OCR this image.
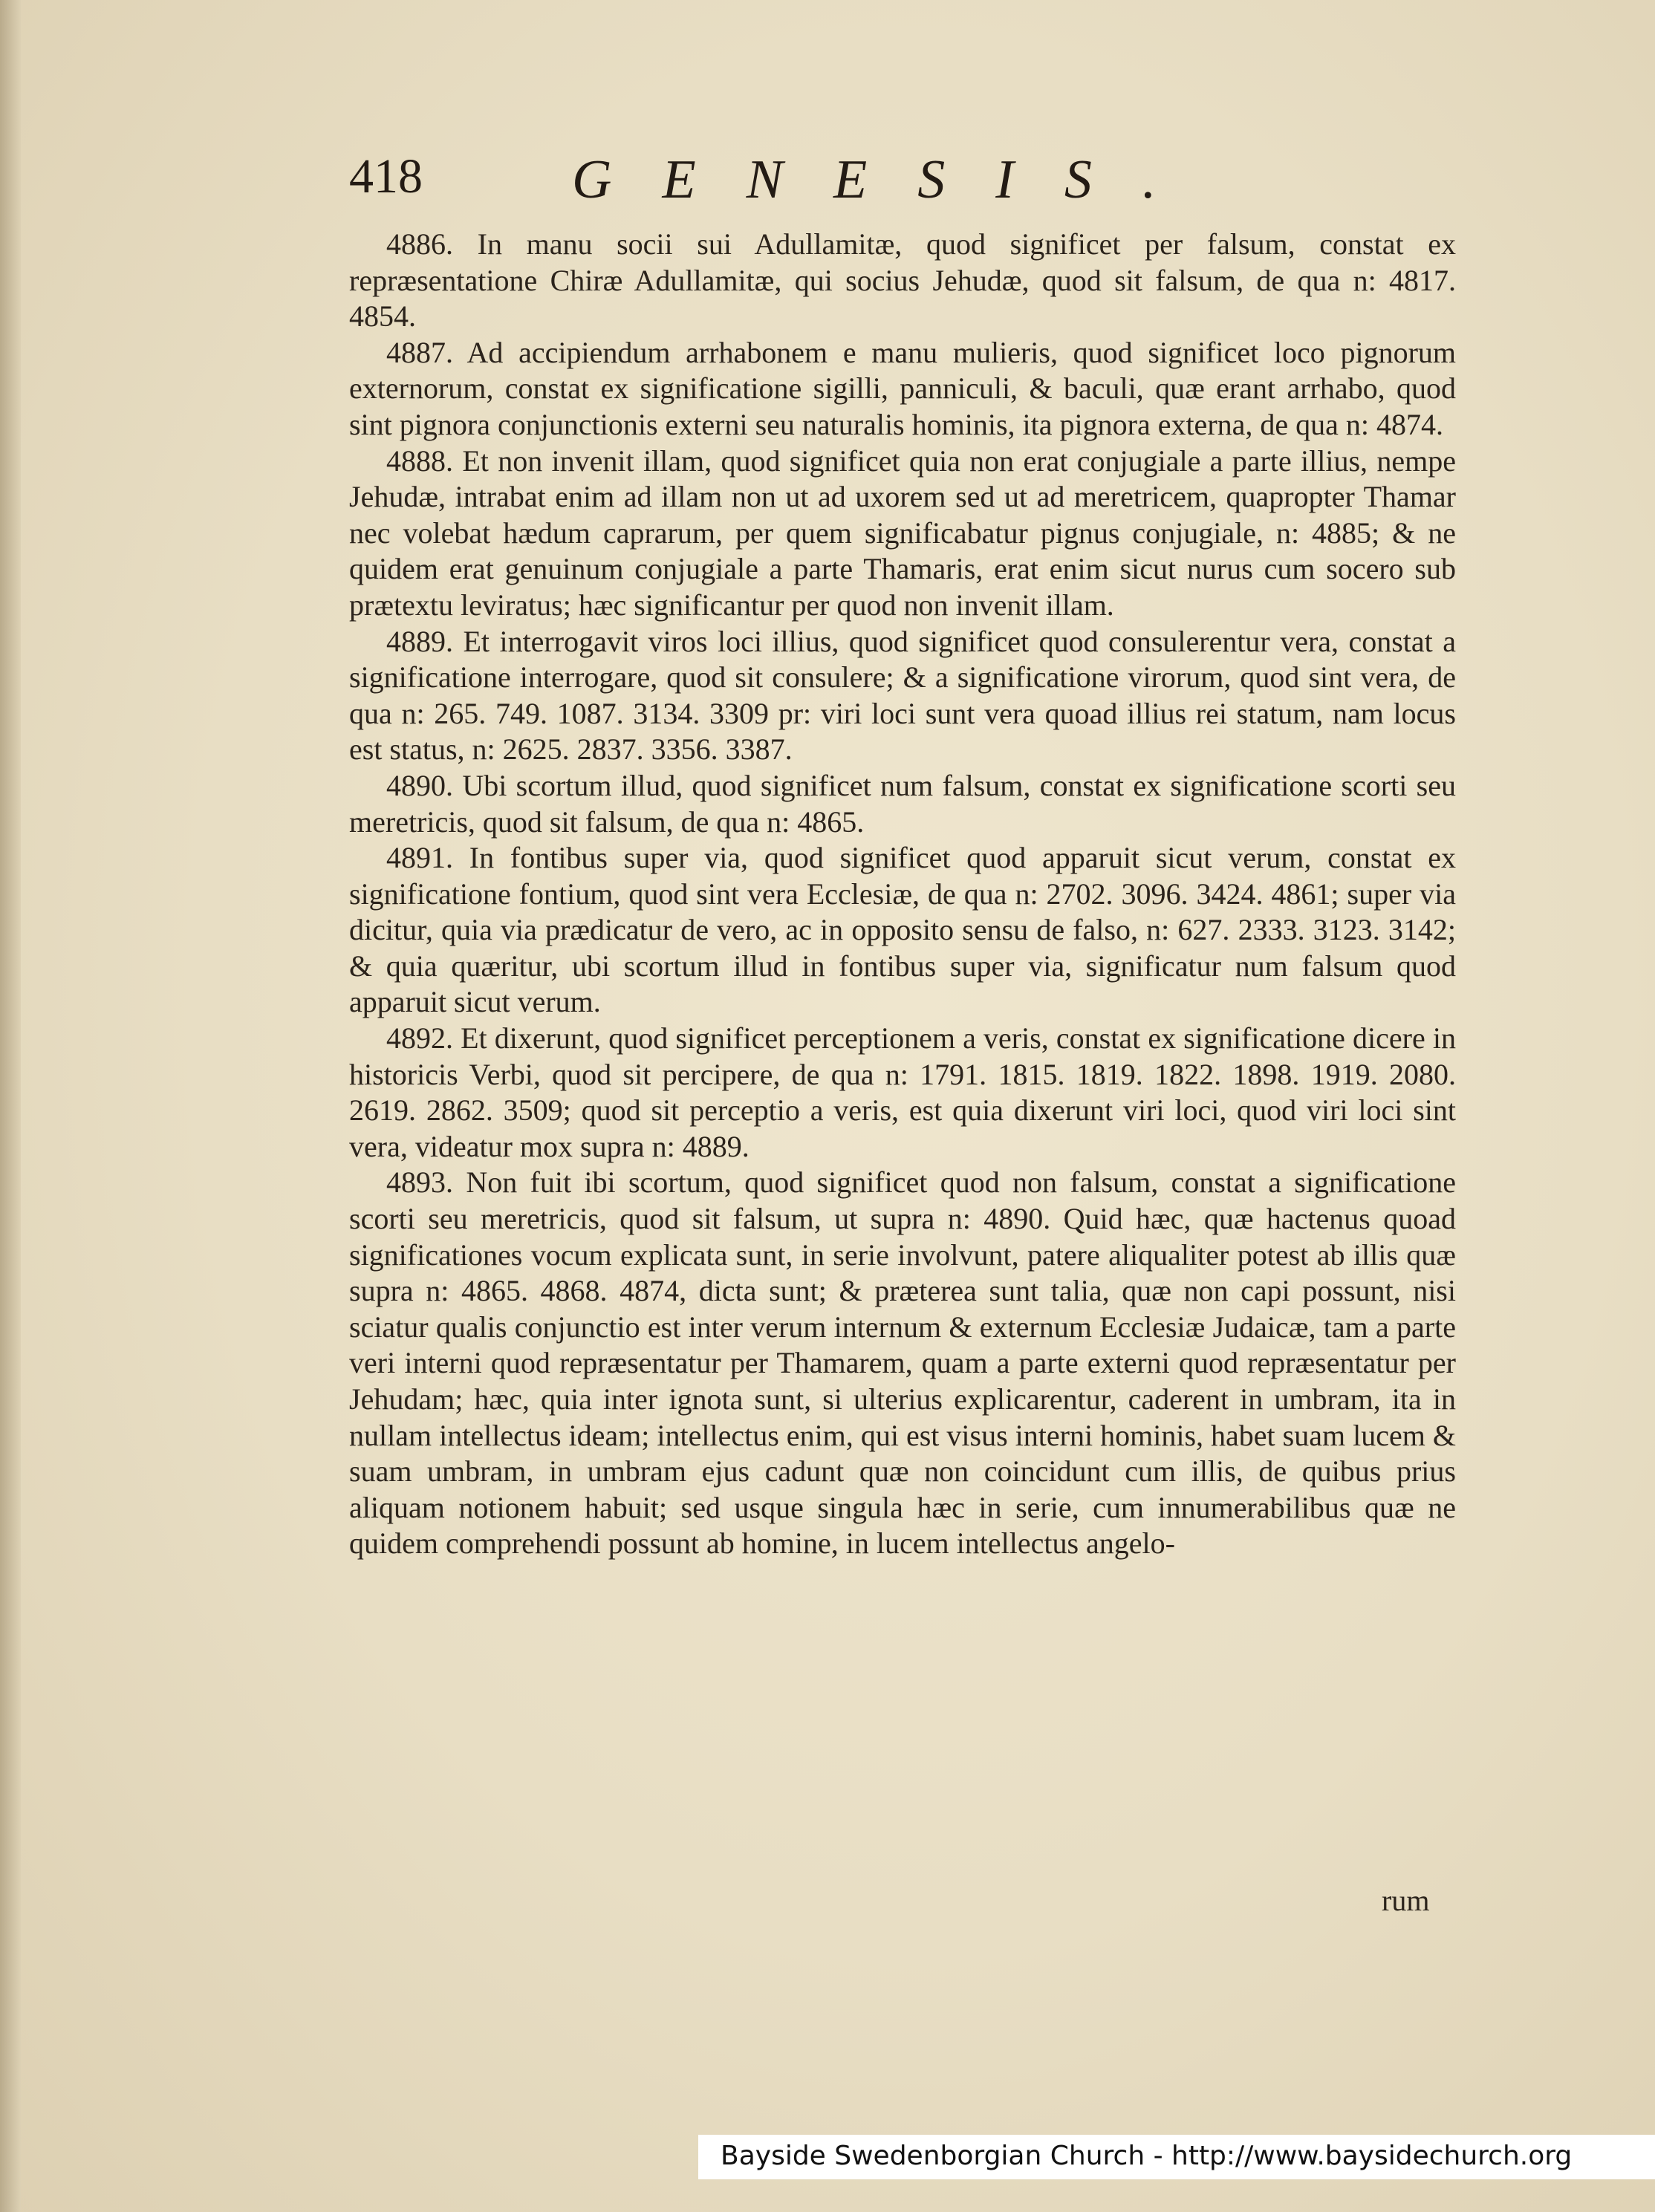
418	GENESIS.

4886. In manu socii sui Adullamitæ, quod significet per falsum, constat ex repræsentatione Chiræ Adullamitæ, qui socius Jehudæ, quod sit falsum, de qua n: 4817. 4854.

4887. Ad accipiendum arrhabonem e manu mulieris, quod significet loco pignorum externorum, constat ex significatione sigilli, panniculi, & baculi, quæ erant arrhabo, quod sint pignora conjunctionis externi seu naturalis hominis, ita pignora externa, de qua n: 4874.

4888. Et non invenit illam, quod significet quia non erat conjugiale a parte illius, nempe Jehudæ, intrabat enim ad illam non ut ad uxorem sed ut ad meretricem, quapropter Thamar nec volebat hædum caprarum, per quem significabatur pignus conjugiale, n: 4885; & ne quidem erat genuinum conjugiale a parte Thamaris, erat enim sicut nurus cum socero sub prætextu leviratus; hæc significantur per quod non invenit illam.

4889. Et interrogavit viros loci illius, quod significet quod consulerentur vera, constat a significatione interrogare, quod sit consulere; & a significatione virorum, quod sint vera, de qua n: 265. 749. 1087. 3134. 3309 pr: viri loci sunt vera quoad illius rei statum, nam locus est status, n: 2625. 2837. 3356. 3387.

4890. Ubi scortum illud, quod significet num falsum, constat ex significatione scorti seu meretricis, quod sit falsum, de qua n: 4865.

4891. In fontibus super via, quod significet quod apparuit sicut verum, constat ex significatione fontium, quod sint vera Ecclesiæ, de qua n: 2702. 3096. 3424. 4861; super via dicitur, quia via prædicatur de vero, ac in opposito sensu de falso, n: 627. 2333. 3123. 3142; & quia quæritur, ubi scortum illud in fontibus super via, significatur num falsum quod apparuit sicut verum.

4892. Et dixerunt, quod significet perceptionem a veris, constat ex significatione dicere in historicis Verbi, quod sit percipere, de qua n: 1791. 1815. 1819. 1822. 1898. 1919. 2080. 2619. 2862. 3509; quod sit perceptio a veris, est quia dixerunt viri loci, quod viri loci sint vera, videatur mox supra n: 4889.

4893. Non fuit ibi scortum, quod significet quod non falsum, constat a significatione scorti seu meretricis, quod sit falsum, ut supra n: 4890. Quid hæc, quæ hactenus quoad significationes vocum explicata sunt, in serie involvunt, patere aliqualiter potest ab illis quæ supra n: 4865. 4868. 4874, dicta sunt; & præterea sunt talia, quæ non capi possunt, nisi sciatur qualis conjunctio est inter verum internum & externum Ecclesiæ Judaicæ, tam a parte veri interni quod repræsentatur per Thamarem, quam a parte externi quod repræsentatur per Jehudam; hæc, quia inter ignota sunt, si ulterius explicarentur, caderent in umbram, ita in nullam intellectus ideam; intellectus enim, qui est visus interni hominis, habet suam lucem & suam umbram, in umbram ejus cadunt quæ non coincidunt cum illis, de quibus prius aliquam notionem habuit; sed usque singula hæc in serie, cum innumerabilibus quæ ne quidem comprehendi possunt ab homine, in lucem intellectus angelo-

rum
Bayside Swedenborgian Church - http://www.baysidechurch.org
